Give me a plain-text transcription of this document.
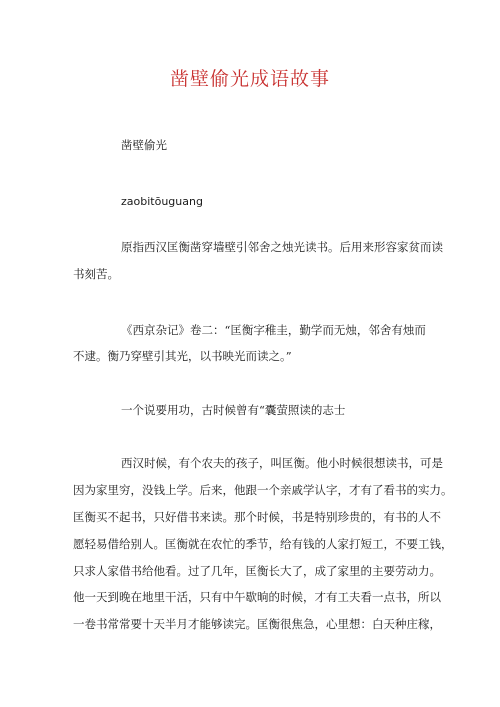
凿壁偷光成语故事
凿壁偷光
zaobitōuguang
原指西汉匡衡凿穿墙壁引邻舍之烛光读书。后用来形容家贫而读
书刻苦。
《西京杂记》卷二：“匡衡字稚圭，勤学而无烛，邻舍有烛而
不逮。衡乃穿壁引其光，以书映光而读之。”
一个说要用功，古时候曾有“囊萤照读的志士
西汉时候，有个农夫的孩子，叫匡衡。他小时候很想读书，可是
因为家里穷，没钱上学。后来，他跟一个亲戚学认字，才有了看书的实力。
匡衡买不起书，只好借书来读。那个时候，书是特别珍贵的，有书的人不
愿轻易借给别人。匡衡就在农忙的季节，给有钱的人家打短工，不要工钱，
只求人家借书给他看。过了几年，匡衡长大了，成了家里的主要劳动力。
他一天到晚在地里干活，只有中午歇晌的时候，才有工夫看一点书，所以
一卷书常常要十天半月才能够读完。匡衡很焦急，心里想：白天种庄稼，
